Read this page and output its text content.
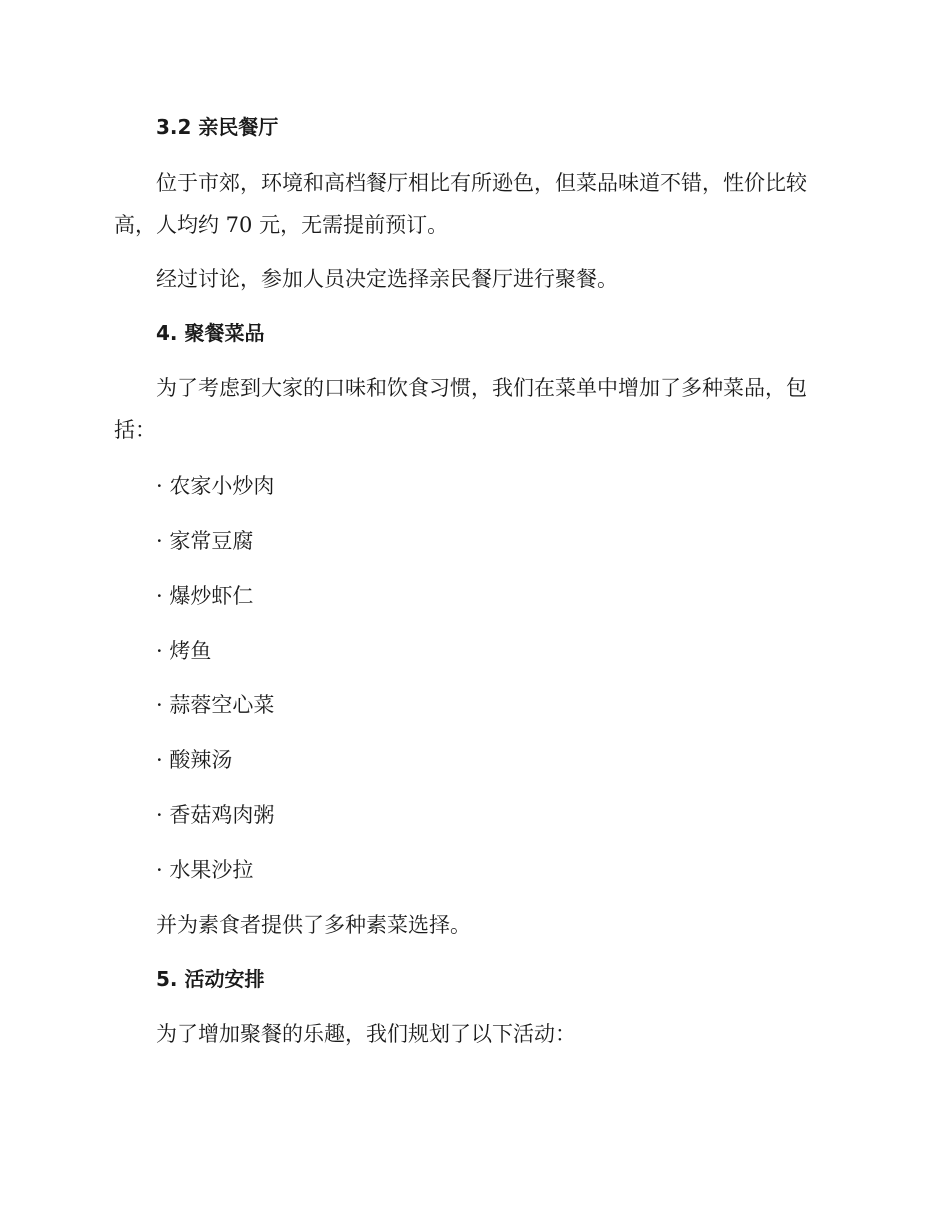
3.2 亲民餐厅
位于市郊，环境和高档餐厅相比有所逊色，但菜品味道不错，性价比较高，人均约 70 元，无需提前预订。
经过讨论，参加人员决定选择亲民餐厅进行聚餐。
4. 聚餐菜品
为了考虑到大家的口味和饮食习惯，我们在菜单中增加了多种菜品，包括：
· 农家小炒肉
· 家常豆腐
· 爆炒虾仁
· 烤鱼
· 蒜蓉空心菜
· 酸辣汤
· 香菇鸡肉粥
· 水果沙拉
并为素食者提供了多种素菜选择。
5. 活动安排
为了增加聚餐的乐趣，我们规划了以下活动：
